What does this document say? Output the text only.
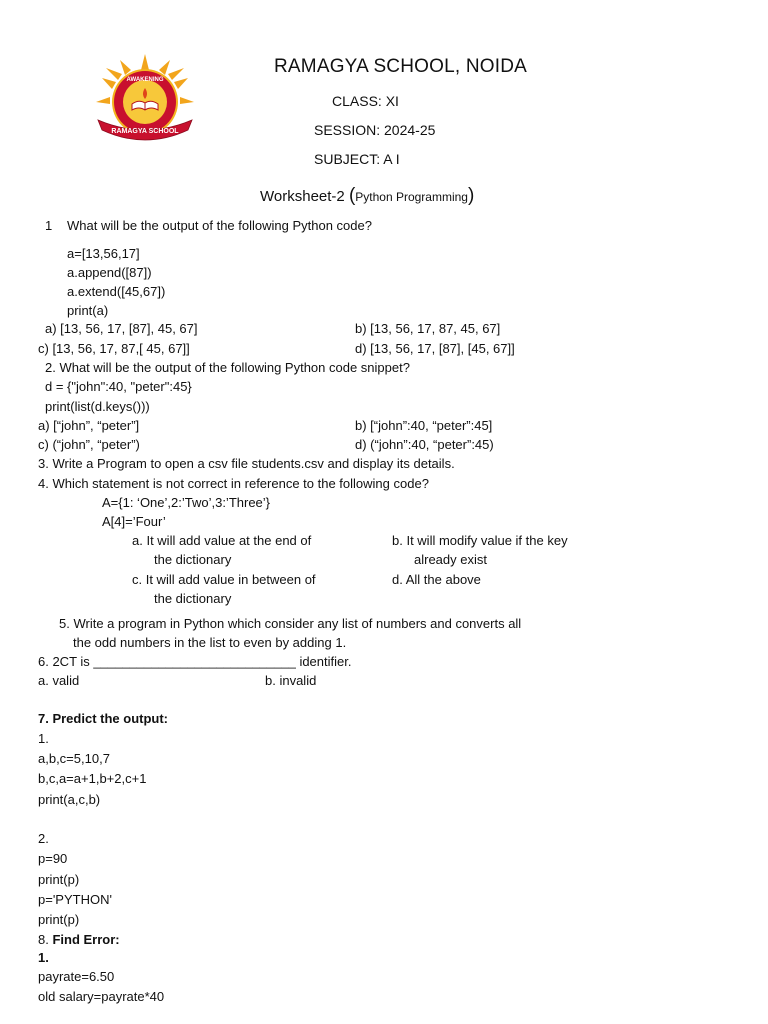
AWAKENING
RAMAGYA SCHOOL
RAMAGYA SCHOOL, NOIDA
CLASS: XI
SESSION: 2024-25
SUBJECT: A I
Worksheet-2 (Python Programming)
1 What will be the output of the following Python code?
a=[13,56,17]
a.append([87])
a.extend([45,67])
print(a)
a) [13, 56, 17, [87], 45, 67]	b) [13, 56, 17, 87, 45, 67]
c) [13, 56, 17, 87,[ 45, 67]]	d) [13, 56, 17, [87], [45, 67]]
2. What will be the output of the following Python code snippet?
d = {"john":40, "peter":45}
print(list(d.keys()))
a) [“john”, “peter”]	b) [“john”:40, “peter”:45]
c) (“john”, “peter”)	d) (“john”:40, “peter”:45)
3. Write a Program to open a csv file students.csv and display its details.
4. Which statement is not correct in reference to the following code?
A={1: ‘One’,2:’Two’,3:’Three’}
A[4]=’Four’
a. It will add value at the end of
the dictionary
b. It will modify value if the key
already exist
c. It will add value in between of
the dictionary
d. All the above
5. Write a program in Python which consider any list of numbers and converts all
the odd numbers in the list to even by adding 1.
6. 2CT is ____________________________ identifier.
a. valid	b. invalid
7. Predict the output:
1.
a,b,c=5,10,7
b,c,a=a+1,b+2,c+1
print(a,c,b)
2.
p=90
print(p)
p='PYTHON'
print(p)
8. Find Error:
1.
payrate=6.50
old salary=payrate*40
